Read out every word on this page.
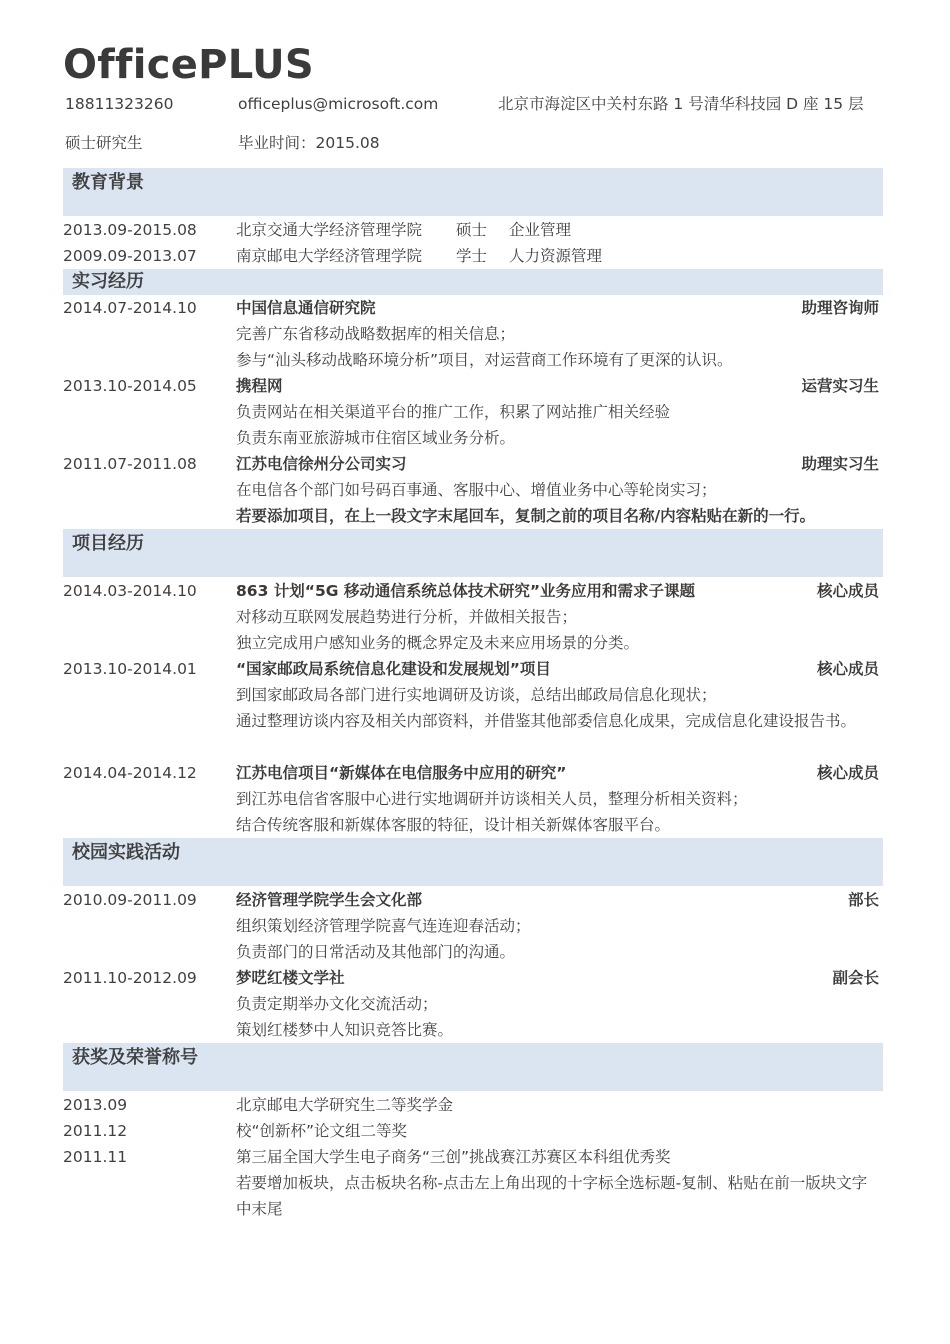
OfficePLUS
18811323260	officeplus@microsoft.com	北京市海淀区中关村东路 1 号清华科技园 D 座 15 层
硕士研究生	毕业时间：2015.08
教育背景
2013.09-2015.08	北京交通大学经济管理学院 硕士 企业管理
2009.09-2013.07	南京邮电大学经济管理学院 学士 人力资源管理
实习经历
2014.07-2014.10	中国信息通信研究院	助理咨询师
完善广东省移动战略数据库的相关信息；
参与“汕头移动战略环境分析”项目，对运营商工作环境有了更深的认识。
2013.10-2014.05	携程网	运营实习生
负责网站在相关渠道平台的推广工作，积累了网站推广相关经验
负责东南亚旅游城市住宿区域业务分析。
2011.07-2011.08	江苏电信徐州分公司实习	助理实习生
在电信各个部门如号码百事通、客服中心、增值业务中心等轮岗实习；
若要添加项目，在上一段文字末尾回车，复制之前的项目名称/内容粘贴在新的一行。
项目经历
2014.03-2014.10	863 计划“5G 移动通信系统总体技术研究”业务应用和需求子课题	核心成员
对移动互联网发展趋势进行分析，并做相关报告；
独立完成用户感知业务的概念界定及未来应用场景的分类。
2013.10-2014.01	“国家邮政局系统信息化建设和发展规划”项目	核心成员
到国家邮政局各部门进行实地调研及访谈，总结出邮政局信息化现状；
通过整理访谈内容及相关内部资料，并借鉴其他部委信息化成果，完成信息化建设报告书。
2014.04-2014.12	江苏电信项目“新媒体在电信服务中应用的研究”	核心成员
到江苏电信省客服中心进行实地调研并访谈相关人员，整理分析相关资料；
结合传统客服和新媒体客服的特征，设计相关新媒体客服平台。
校园实践活动
2010.09-2011.09	经济管理学院学生会文化部	部长
组织策划经济管理学院喜气连连迎春活动；
负责部门的日常活动及其他部门的沟通。
2011.10-2012.09	梦呓红楼文学社	副会长
负责定期举办文化交流活动；
策划红楼梦中人知识竞答比赛。
获奖及荣誉称号
2013.09	北京邮电大学研究生二等奖学金
2011.12	校“创新杯”论文组二等奖
2011.11	第三届全国大学生电子商务“三创”挑战赛江苏赛区本科组优秀奖
若要增加板块，点击板块名称-点击左上角出现的十字标全选标题-复制、粘贴在前一版块文字中末尾
